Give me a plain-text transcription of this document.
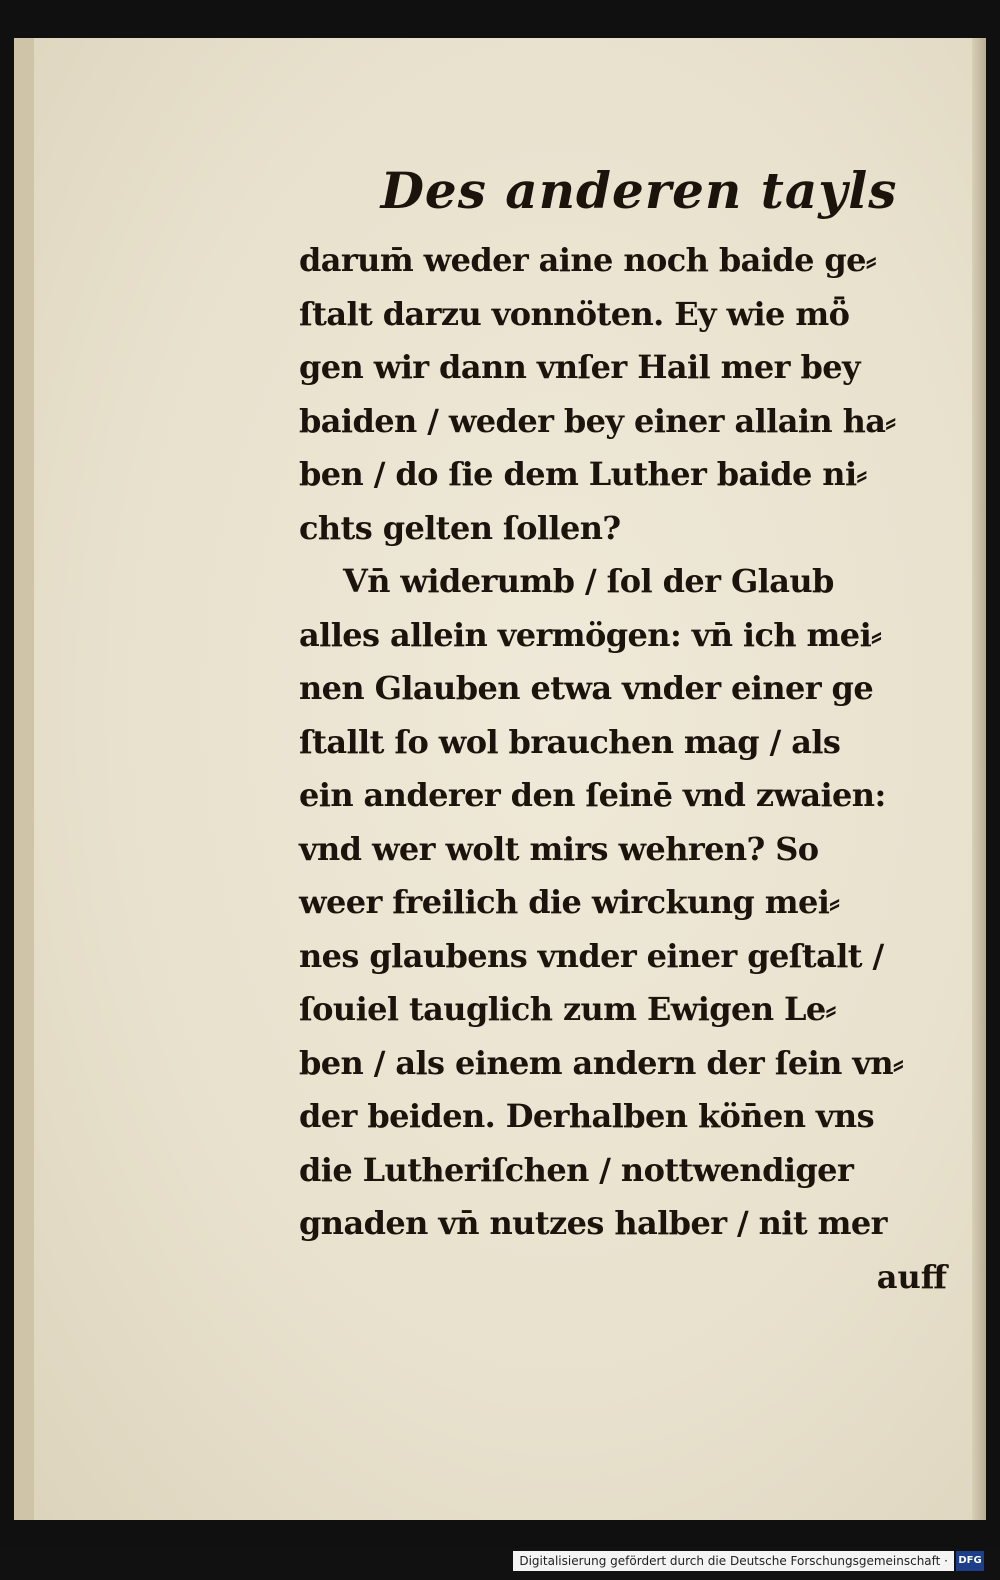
Des anderen tayls
darum̄ weder aine noch baide ge⸗
ſtalt darzu vonnöten. Ey wie mȫ
gen wir dann vnſer Hail mer bey
baiden / weder bey einer allain ha⸗
ben / do ſie dem Luther baide ni⸗
chts gelten ſollen?
Vn̄ widerumb / ſol der Glaub
alles allein vermögen: vn̄ ich mei⸗
nen Glauben etwa vnder einer ge
ſtallt ſo wol brauchen mag / als
ein anderer den ſeinē vnd zwaien:
vnd wer wolt mirs wehren? So
weer freilich die wirckung mei⸗
nes glaubens vnder einer geſtalt /
ſouiel tauglich zum Ewigen Le⸗
ben / als einem andern der ſein vn⸗
der beiden. Derhalben kön̄en vns
die Lutheriſchen / nottwendiger
gnaden vn̄ nutzes halber / nit mer
auff
Digitalisierung gefördert durch die Deutsche Forschungsgemeinschaft ·	DFG
